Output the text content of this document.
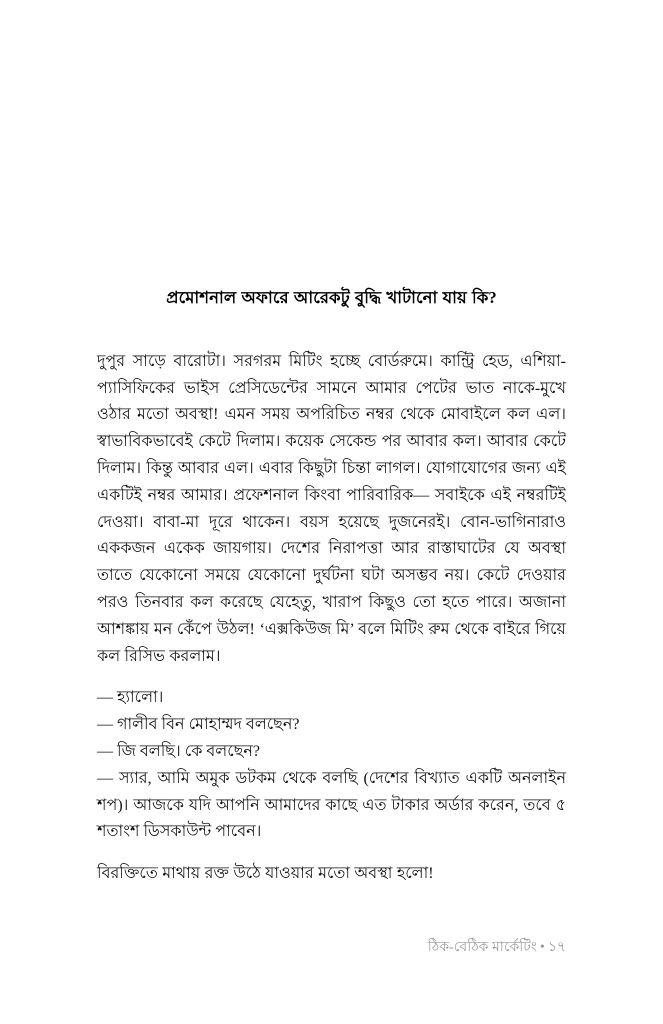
প্রমোশনাল অফারে আরেকটু বুদ্ধি খাটানো যায় কি?

দুপুর সাড়ে বারোটা। সরগরম মিটিং হচ্ছে বোর্ডরুমে। কান্ট্রি হেড, এশিয়া-প্যাসিফিকের ভাইস প্রেসিডেন্টের সামনে আমার পেটের ভাত নাকে-মুখে ওঠার মতো অবস্থা! এমন সময় অপরিচিত নম্বর থেকে মোবাইলে কল এল। স্বাভাবিকভাবেই কেটে দিলাম। কয়েক সেকেন্ড পর আবার কল। আবার কেটে দিলাম। কিন্তু আবার এল। এবার কিছুটা চিন্তা লাগল। যোগাযোগের জন্য এই একটিই নম্বর আমার। প্রফেশনাল কিংবা পারিবারিক— সবাইকে এই নম্বরটিই দেওয়া। বাবা-মা দূরে থাকেন। বয়স হয়েছে দুজনেরই। বোন-ভাগিনারাও এককজন একেক জায়গায়। দেশের নিরাপত্তা আর রাস্তাঘাটের যে অবস্থা তাতে যেকোনো সময়ে যেকোনো দুর্ঘটনা ঘটা অসম্ভব নয়। কেটে দেওয়ার পরও তিনবার কল করেছে যেহেতু, খারাপ কিছুও তো হতে পারে। অজানা আশঙ্কায় মন কেঁপে উঠল! ‘এক্সকিউজ মি’ বলে মিটিং রুম থেকে বাইরে গিয়ে কল রিসিভ করলাম।

— হ্যালো।

— গালীব বিন মোহাম্মদ বলছেন?

— জি বলছি। কে বলছেন?

— স্যার, আমি অমুক ডটকম থেকে বলছি (দেশের বিখ্যাত একটি অনলাইন শপ)। আজকে যদি আপনি আমাদের কাছে এত টাকার অর্ডার করেন, তবে ৫ শতাংশ ডিসকাউন্ট পাবেন।

বিরক্তিতে মাথায় রক্ত উঠে যাওয়ার মতো অবস্থা হলো!

ঠিক-বেঠিক মার্কেটিং • ১৭
